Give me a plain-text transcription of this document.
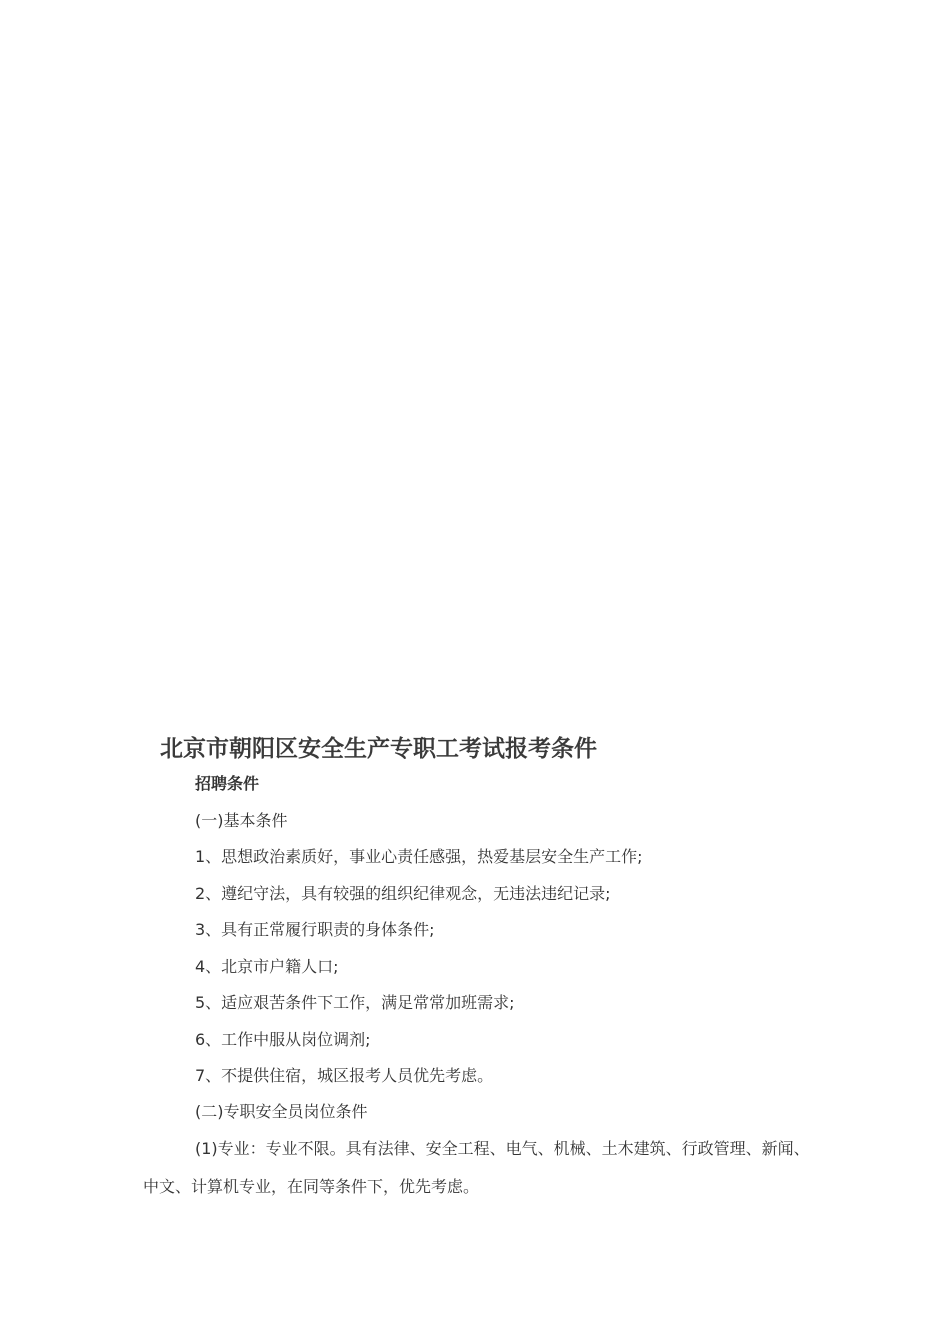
北京市朝阳区安全生产专职工考试报考条件
招聘条件
(一)基本条件
1、思想政治素质好，事业心责任感强，热爱基层安全生产工作;
2、遵纪守法，具有较强的组织纪律观念，无违法违纪记录;
3、具有正常履行职责的身体条件;
4、北京市户籍人口;
5、适应艰苦条件下工作，满足常常加班需求;
6、工作中服从岗位调剂;
7、不提供住宿，城区报考人员优先考虑。
(二)专职安全员岗位条件
(1)专业：专业不限。具有法律、安全工程、电气、机械、土木建筑、行政管理、新闻、中文、计算机专业，在同等条件下，优先考虑。
